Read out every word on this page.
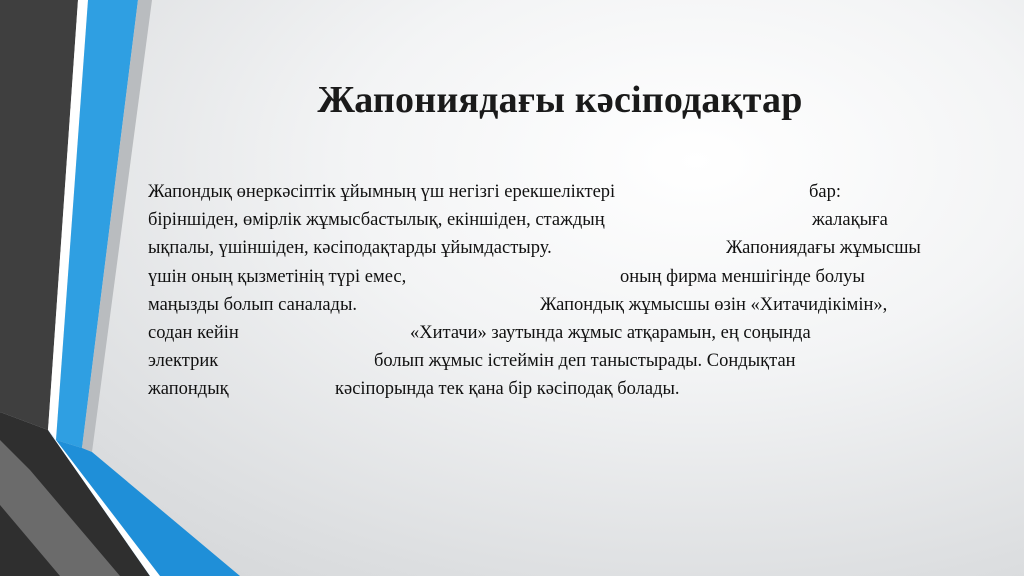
Жапониядағы кәсіподақтар
Жапондық өнеркәсіптік ұйымның үш негізгі ерекшеліктері	бар:
біріншіден, өмірлік жұмысбастылық, екіншіден, стаждың	жалақыға
ықпалы, үшіншіден, кәсіподақтарды ұйымдастыру.	Жапониядағы жұмысшы
үшін оның қызметінің түрі емес,	оның фирма меншігінде болуы
маңызды болып саналады.	Жапондық жұмысшы өзін «Хитачидікімін»,
содан кейін	«Хитачи» заутында жұмыс атқарамын, ең соңында
электрик	болып жұмыс істеймін деп таныстырады. Сондықтан
жапондық	кәсіпорында тек қана бір кәсіподақ болады.
